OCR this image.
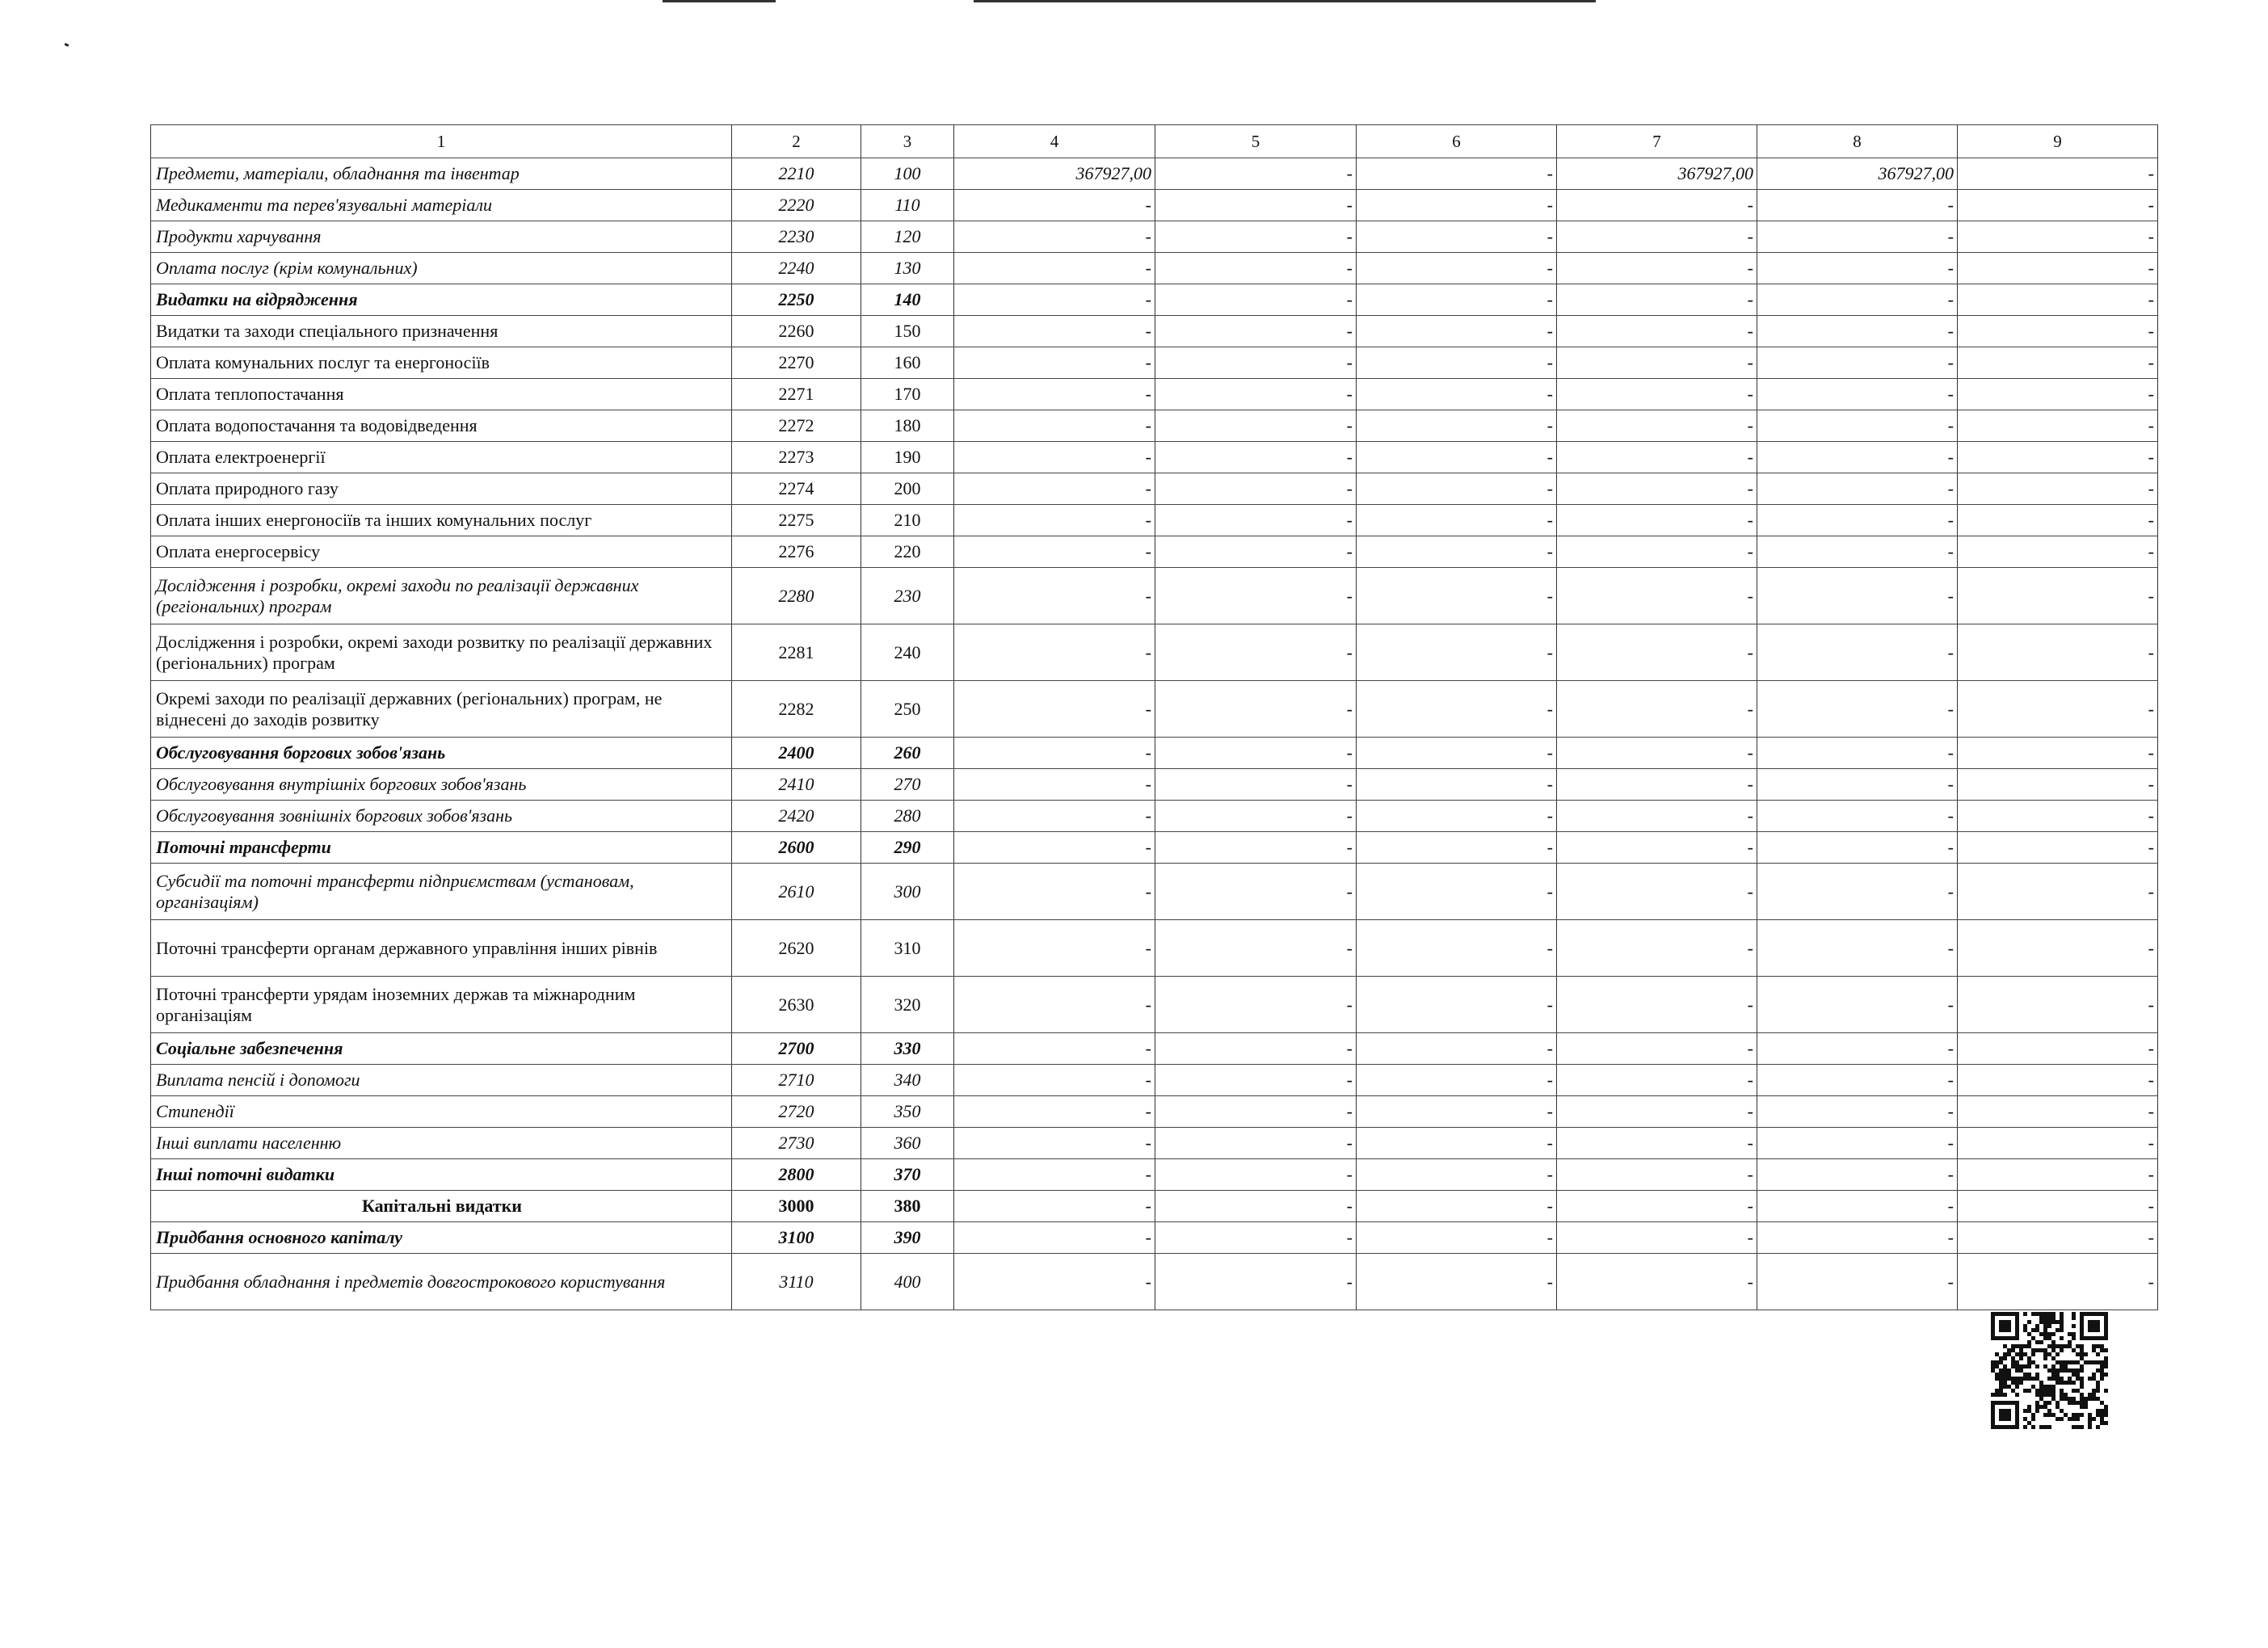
1	2	3	4	5	6	7	8	9
Предмети, матеріали, обладнання та інвентар	2210	100	367927,00	-	-	367927,00	367927,00	-
Медикаменти та перев'язувальні матеріали	2220	110	-	-	-	-	-	-
Продукти харчування	2230	120	-	-	-	-	-	-
Оплата послуг (крім комунальних)	2240	130	-	-	-	-	-	-
Видатки на відрядження	2250	140	-	-	-	-	-	-
Видатки та заходи спеціального призначення	2260	150	-	-	-	-	-	-
Оплата комунальних послуг та енергоносіїв	2270	160	-	-	-	-	-	-
Оплата теплопостачання	2271	170	-	-	-	-	-	-
Оплата водопостачання та водовідведення	2272	180	-	-	-	-	-	-
Оплата електроенергії	2273	190	-	-	-	-	-	-
Оплата природного газу	2274	200	-	-	-	-	-	-
Оплата інших енергоносіїв та інших комунальних послуг	2275	210	-	-	-	-	-	-
Оплата енергосервісу	2276	220	-	-	-	-	-	-
Дослідження і розробки, окремі заходи по реалізації державних (регіональних) програм	2280	230	-	-	-	-	-	-
Дослідження і розробки, окремі заходи розвитку по реалізації державних (регіональних) програм	2281	240	-	-	-	-	-	-
Окремі заходи по реалізації державних (регіональних) програм, не віднесені до заходів розвитку	2282	250	-	-	-	-	-	-
Обслуговування боргових зобов'язань	2400	260	-	-	-	-	-	-
Обслуговування внутрішніх боргових зобов'язань	2410	270	-	-	-	-	-	-
Обслуговування зовнішніх боргових зобов'язань	2420	280	-	-	-	-	-	-
Поточні трансферти	2600	290	-	-	-	-	-	-
Субсидії та поточні трансферти підприємствам (установам, організаціям)	2610	300	-	-	-	-	-	-
Поточні трансферти органам державного управління інших рівнів	2620	310	-	-	-	-	-	-
Поточні трансферти урядам іноземних держав та міжнародним організаціям	2630	320	-	-	-	-	-	-
Соціальне забезпечення	2700	330	-	-	-	-	-	-
Виплата пенсій і допомоги	2710	340	-	-	-	-	-	-
Стипендії	2720	350	-	-	-	-	-	-
Інші виплати населенню	2730	360	-	-	-	-	-	-
Інші поточні видатки	2800	370	-	-	-	-	-	-
Капітальні видатки	3000	380	-	-	-	-	-	-
Придбання основного капіталу	3100	390	-	-	-	-	-	-
Придбання обладнання і предметів довгострокового користування	3110	400	-	-	-	-	-	-
